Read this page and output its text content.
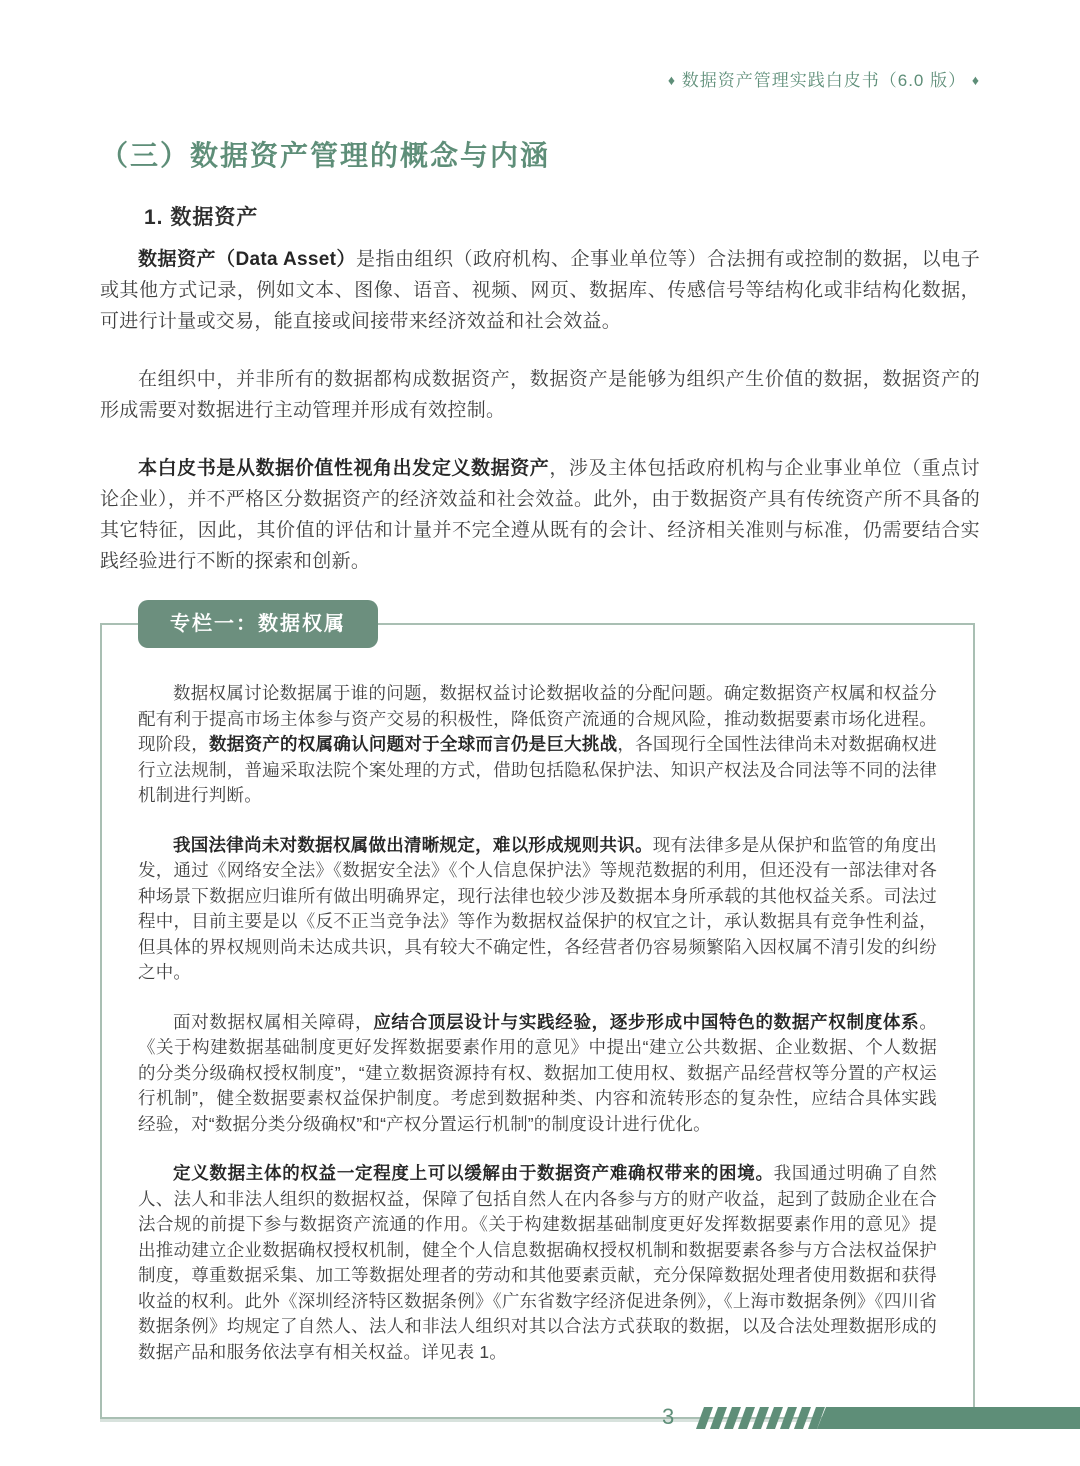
♦ 数据资产管理实践白皮书（6.0 版） ♦
（三）数据资产管理的概念与内涵
1. 数据资产

数据资产（Data Asset）是指由组织（政府机构、企事业单位等）合法拥有或控制的数据，以电子或其他方式记录，例如文本、图像、语音、视频、网页、数据库、传感信号等结构化或非结构化数据，可进行计量或交易，能直接或间接带来经济效益和社会效益。

在组织中，并非所有的数据都构成数据资产，数据资产是能够为组织产生价值的数据，数据资产的形成需要对数据进行主动管理并形成有效控制。

本白皮书是从数据价值性视角出发定义数据资产，涉及主体包括政府机构与企业事业单位（重点讨论企业），并不严格区分数据资产的经济效益和社会效益。此外，由于数据资产具有传统资产所不具备的其它特征，因此，其价值的评估和计量并不完全遵从既有的会计、经济相关准则与标准，仍需要结合实践经验进行不断的探索和创新。

专栏一：数据权属

数据权属讨论数据属于谁的问题，数据权益讨论数据收益的分配问题。确定数据资产权属和权益分配有利于提高市场主体参与资产交易的积极性，降低资产流通的合规风险，推动数据要素市场化进程。现阶段，数据资产的权属确认问题对于全球而言仍是巨大挑战，各国现行全国性法律尚未对数据确权进行立法规制，普遍采取法院个案处理的方式，借助包括隐私保护法、知识产权法及合同法等不同的法律机制进行判断。

我国法律尚未对数据权属做出清晰规定，难以形成规则共识。现有法律多是从保护和监管的角度出发，通过《网络安全法》《数据安全法》《个人信息保护法》等规范数据的利用，但还没有一部法律对各种场景下数据应归谁所有做出明确界定，现行法律也较少涉及数据本身所承载的其他权益关系。司法过程中，目前主要是以《反不正当竞争法》等作为数据权益保护的权宜之计，承认数据具有竞争性利益，但具体的界权规则尚未达成共识，具有较大不确定性，各经营者仍容易频繁陷入因权属不清引发的纠纷之中。

面对数据权属相关障碍，应结合顶层设计与实践经验，逐步形成中国特色的数据产权制度体系。《关于构建数据基础制度更好发挥数据要素作用的意见》中提出“建立公共数据、企业数据、个人数据的分类分级确权授权制度”，“建立数据资源持有权、数据加工使用权、数据产品经营权等分置的产权运行机制”，健全数据要素权益保护制度。考虑到数据种类、内容和流转形态的复杂性，应结合具体实践经验，对“数据分类分级确权”和“产权分置运行机制”的制度设计进行优化。

定义数据主体的权益一定程度上可以缓解由于数据资产难确权带来的困境。我国通过明确了自然人、法人和非法人组织的数据权益，保障了包括自然人在内各参与方的财产收益，起到了鼓励企业在合法合规的前提下参与数据资产流通的作用。《关于构建数据基础制度更好发挥数据要素作用的意见》提出推动建立企业数据确权授权机制，健全个人信息数据确权授权机制和数据要素各参与方合法权益保护制度，尊重数据采集、加工等数据处理者的劳动和其他要素贡献，充分保障数据处理者使用数据和获得收益的权利。此外《深圳经济特区数据条例》《广东省数字经济促进条例》，《上海市数据条例》《四川省数据条例》均规定了自然人、法人和非法人组织对其以合法方式获取的数据，以及合法处理数据形成的数据产品和服务依法享有相关权益。详见表 1。

3
